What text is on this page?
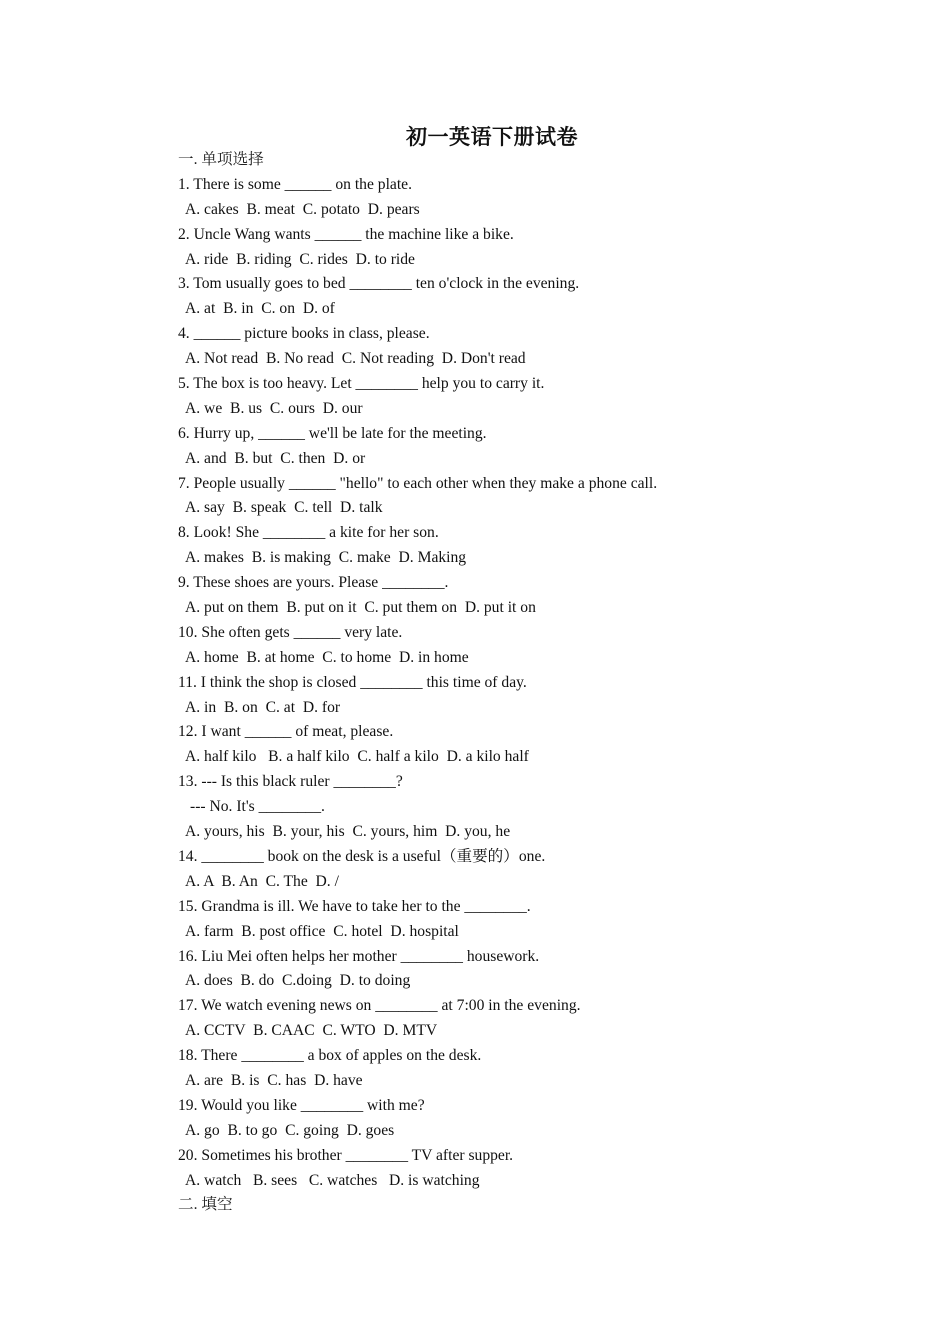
初一英语下册试卷
一. 单项选择
1. There is some ______ on the plate.
A. cakes  B. meat  C. potato  D. pears
2. Uncle Wang wants ______ the machine like a bike.
A. ride  B. riding  C. rides  D. to ride
3. Tom usually goes to bed ________ ten o'clock in the evening.
A. at  B. in  C. on  D. of
4. ______ picture books in class, please.
A. Not read  B. No read  C. Not reading  D. Don't read
5. The box is too heavy. Let ________ help you to carry it.
A. we  B. us  C. ours  D. our
6. Hurry up, ______ we'll be late for the meeting.
A. and  B. but  C. then  D. or
7. People usually ______ "hello" to each other when they make a phone call.
A. say  B. speak  C. tell  D. talk
8. Look! She ________ a kite for her son.
A. makes  B. is making  C. make  D. Making
9. These shoes are yours. Please ________.
A. put on them  B. put on it  C. put them on  D. put it on
10. She often gets ______ very late.
A. home  B. at home  C. to home  D. in home
11. I think the shop is closed ________ this time of day.
A. in  B. on  C. at  D. for
12. I want ______ of meat, please.
A. half kilo   B. a half kilo  C. half a kilo  D. a kilo half
13. --- Is this black ruler ________?
--- No. It's ________.
A. yours, his  B. your, his  C. yours, him  D. you, he
14. ________ book on the desk is a useful（重要的）one.
A. A  B. An  C. The  D. /
15. Grandma is ill. We have to take her to the ________.
A. farm  B. post office  C. hotel  D. hospital
16. Liu Mei often helps her mother ________ housework.
A. does  B. do  C.doing  D. to doing
17. We watch evening news on ________ at 7:00 in the evening.
A. CCTV  B. CAAC  C. WTO  D. MTV
18. There ________ a box of apples on the desk.
A. are  B. is  C. has  D. have
19. Would you like ________ with me?
A. go  B. to go  C. going  D. goes
20. Sometimes his brother ________ TV after supper.
A. watch   B. sees   C. watches   D. is watching
二. 填空
